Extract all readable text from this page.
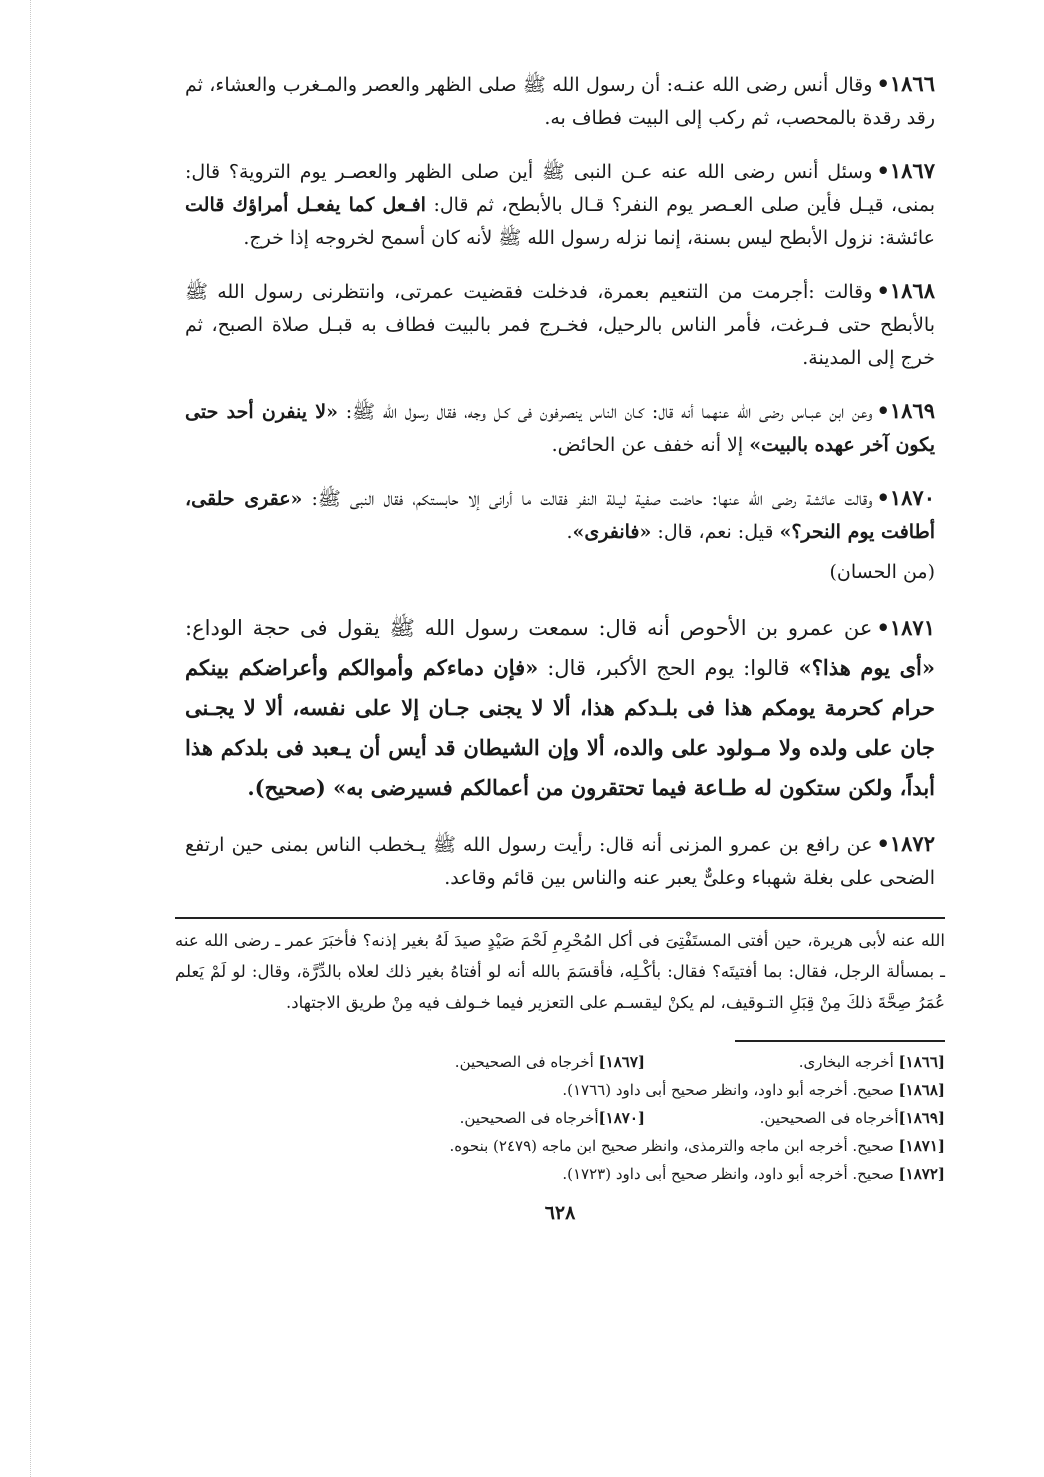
١٨٦٦•وقال أنس رضى الله عنـه: أن رسول الله ﷺ صلى الظهر والعصر والمـغرب والعشاء، ثم رقد رقدة بالمحصب، ثم ركب إلى البيت فطاف به.

١٨٦٧•وسئل أنس رضى الله عنه عـن النبى ﷺ أين صلى الظهر والعصـر يوم التروية؟ قال: بمنى، قيـل فأين صلى العـصر يوم النفر؟ قـال بالأبطح، ثم قال: افـعل كما يفعـل أمراؤك قالت عائشة: نزول الأبطح ليس بسنة، إنما نزله رسول الله ﷺ لأنه كان أسمح لخروجه إذا خرج.

١٨٦٨•وقالت :أجرمت من التنعيم بعمرة، فدخلت فقضيت عمرتى، وانتظرنى رسول الله ﷺ بالأبطح حتى فـرغت، فأمر الناس بالرحيل، فخـرج فمر بالبيت فطاف به قبـل صلاة الصبح، ثم خرج إلى المدينة.

١٨٦٩•وعن ابن عبـاس رضى الله عنهما أنه قال: كـان الناس ينصرفون فى كـل وجه، فقال رسول الله ﷺ: «لا ينفرن أحد حتى يكون آخر عهده بالبيت» إلا أنه خفف عن الحائض.

١٨٧٠•وقالت عائشة رضى الله عنها: حاضت صفية ليـلة النفر فقالت ما أرانى إلا حابستكم، فقال النبى ﷺ: «عقرى حلقى، أطافت يوم النحر؟» قيل: نعم، قال: «فانفرى».

(من الحسان)

١٨٧١•عن عمرو بن الأحوص أنه قال: سمعت رسول الله ﷺ يقول فى حجة الوداع: «أى يوم هذا؟» قالوا: يوم الحج الأكبر، قال: «فإن دماءكم وأموالكم وأعراضكم بينكم حرام كحرمة يومكم هذا فى بلـدكم هذا، ألا لا يجنى جـان إلا على نفسه، ألا لا يجـنى جان على ولده ولا مـولود على والده، ألا وإن الشيطان قد أيس أن يـعبد فى بلدكم هذا أبداً، ولكن ستكون له طـاعة فيما تحتقرون من أعمالكم فسيرضى به» (صحيح).

١٨٧٢•عن رافع بن عمرو المزنى أنه قال: رأيت رسول الله ﷺ يـخطب الناس بمنى حين ارتفع الضحى على بغلة شهباء وعلىٌّ يعبر عنه والناس بين قائم وقاعد.

الله عنه لأبى هريرة، حين أفتى المستَفْتِىَ فى أكل المُحْرِمِ لَحْمَ صَيْدٍ صيدَ لَهُ بغير إذنه؟ فأخبَرَ عمر ـ رضى الله عنه ـ بمسألة الرجل، فقال: بما أفتيتَه؟ فقال: بأكْـلِه، فأقسَمَ بالله أنه لو أفتاهُ بغير ذلك لعلاه بالدِّرَّة، وقال: لو لَمْ يَعلم عُمَرُ صِحَّةَ ذلكَ مِنْ قِبَلِ التـوقيف، لم يكنْ ليقسـم على التعزير فيما خـولف فيه مِنْ طريق الاجتهاد.

[١٨٦٦] أخرجه البخارى.
[١٨٦٧] أخرجاه فى الصحيحين.
[١٨٦٨] صحيح. أخرجه أبو داود، وانظر صحيح أبى داود (١٧٦٦).
[١٨٦٩]أخرجاه فى الصحيحين.
[١٨٧٠]أخرجاه فى الصحيحين.
[١٨٧١] صحيح. أخرجه ابن ماجه والترمذى، وانظر صحيح ابن ماجه (٢٤٧٩) بنحوه.
[١٨٧٢] صحيح. أخرجه أبو داود، وانظر صحيح أبى داود (١٧٢٣).
٦٢٨
